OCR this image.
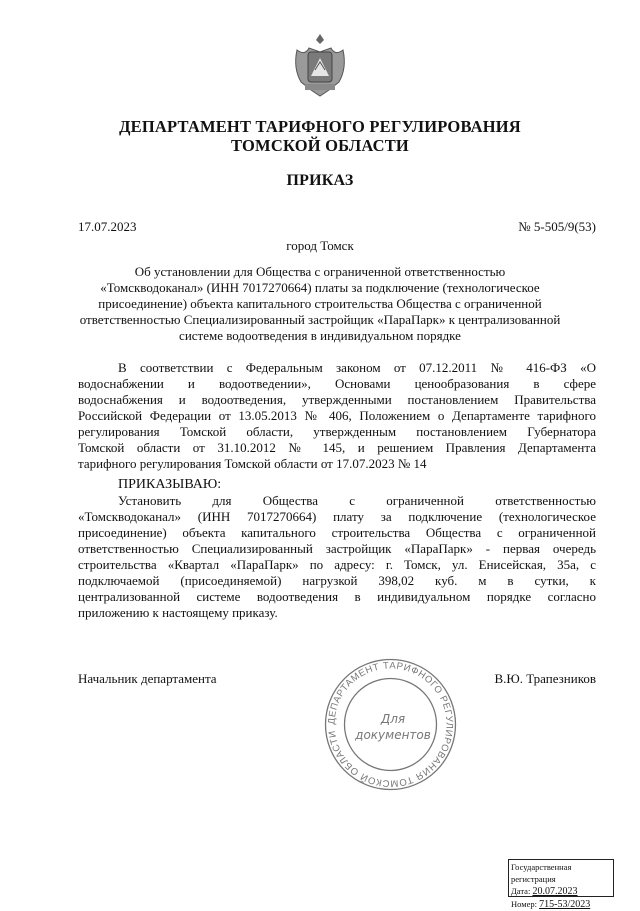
ДЕПАРТАМЕНТ ТАРИФНОГО РЕГУЛИРОВАНИЯ
ТОМСКОЙ ОБЛАСТИ
ПРИКАЗ
17.07.2023	№ 5-505/9(53)
город Томск
Об установлении для Общества с ограниченной ответственностью
«Томскводоканал» (ИНН 7017270664) платы за подключение (технологическое
присоединение) объекта капитального строительства Общества с ограниченной
ответственностью Специализированный застройщик «ПараПарк» к централизованной
системе водоотведения в индивидуальном порядке
В соответствии с Федеральным законом от 07.12.2011 № 416-ФЗ «О
водоснабжении и водоотведении», Основами ценообразования в сфере
водоснабжения и водоотведения, утвержденными постановлением Правительства
Российской Федерации от 13.05.2013 № 406, Положением о Департаменте тарифного
регулирования Томской области, утвержденным постановлением Губернатора
Томской области от 31.10.2012 № 145, и решением Правления Департамента
тарифного регулирования Томской области от 17.07.2023 № 14
ПРИКАЗЫВАЮ:
Установить для Общества с ограниченной ответственностью
«Томскводоканал» (ИНН 7017270664) плату за подключение (технологическое
присоединение) объекта капитального строительства Общества с ограниченной
ответственностью Специализированный застройщик «ПараПарк» - первая очередь
строительства «Квартал «ПараПарк» по адресу: г. Томск, ул. Енисейская, 35а, с
подключаемой (присоединяемой) нагрузкой 398,02 куб. м в сутки, к
централизованной системе водоотведения в индивидуальном порядке согласно
приложению к настоящему приказу.
Начальник департамента	В.Ю. Трапезников
ДЕПАРТАМЕНТ ТАРИФНОГО РЕГУЛИРОВАНИЯ ТОМСКОЙ ОБЛАСТИ
Для
документов
Государственная регистрация
Дата: 20.07.2023
Номер: 715-53/2023
